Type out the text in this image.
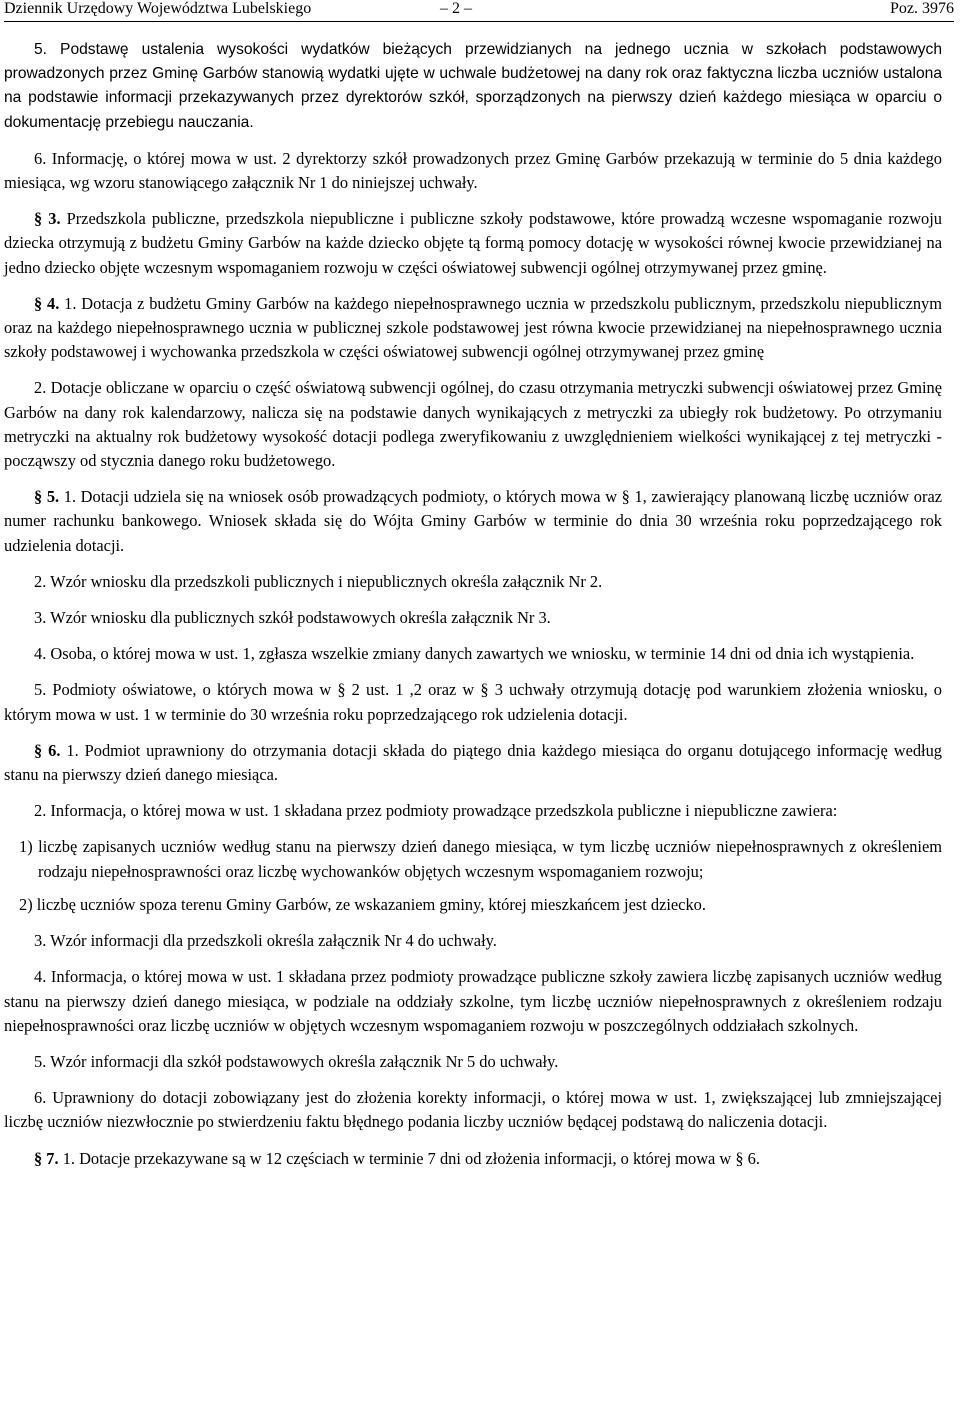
Dziennik Urzędowy Województwa Lubelskiego	– 2 –	Poz. 3976

5. Podstawę ustalenia wysokości wydatków bieżących przewidzianych na jednego ucznia w szkołach podstawowych prowadzonych przez Gminę Garbów stanowią wydatki ujęte w uchwale budżetowej na dany rok oraz faktyczna liczba uczniów ustalona na podstawie informacji przekazywanych przez dyrektorów szkół, sporządzonych na pierwszy dzień każdego miesiąca w oparciu o dokumentację przebiegu nauczania.

6. Informację, o której mowa w ust. 2 dyrektorzy szkół prowadzonych przez Gminę Garbów przekazują w terminie do 5 dnia każdego miesiąca, wg wzoru stanowiącego załącznik Nr 1 do niniejszej uchwały.

§ 3. Przedszkola publiczne, przedszkola niepubliczne i publiczne szkoły podstawowe, które prowadzą wczesne wspomaganie rozwoju dziecka otrzymują z budżetu Gminy Garbów na każde dziecko objęte tą formą pomocy dotację w wysokości równej kwocie przewidzianej na jedno dziecko objęte wczesnym wspomaganiem rozwoju w części oświatowej subwencji ogólnej otrzymywanej przez gminę.

§ 4. 1. Dotacja z budżetu Gminy Garbów na każdego niepełnosprawnego ucznia w przedszkolu publicznym, przedszkolu niepublicznym oraz na każdego niepełnosprawnego ucznia w publicznej szkole podstawowej jest równa kwocie przewidzianej na niepełnosprawnego ucznia szkoły podstawowej i wychowanka przedszkola w części oświatowej subwencji ogólnej otrzymywanej przez gminę

2. Dotacje obliczane w oparciu o część oświatową subwencji ogólnej, do czasu otrzymania metryczki subwencji oświatowej przez Gminę Garbów na dany rok kalendarzowy, nalicza się na podstawie danych wynikających z metryczki za ubiegły rok budżetowy. Po otrzymaniu metryczki na aktualny rok budżetowy wysokość dotacji podlega zweryfikowaniu z uwzględnieniem wielkości wynikającej z tej metryczki - począwszy od stycznia danego roku budżetowego.

§ 5. 1. Dotacji udziela się na wniosek osób prowadzących podmioty, o których mowa w § 1, zawierający planowaną liczbę uczniów oraz numer rachunku bankowego. Wniosek składa się do Wójta Gminy Garbów w terminie do dnia 30 września roku poprzedzającego rok udzielenia dotacji.

2. Wzór wniosku dla przedszkoli publicznych i niepublicznych określa załącznik Nr 2.

3. Wzór wniosku dla publicznych szkół podstawowych określa załącznik Nr 3.

4. Osoba, o której mowa w ust. 1, zgłasza wszelkie zmiany danych zawartych we wniosku, w terminie 14 dni od dnia ich wystąpienia.

5. Podmioty oświatowe, o których mowa w § 2 ust. 1 ,2 oraz w § 3 uchwały otrzymują dotację pod warunkiem złożenia wniosku, o którym mowa w ust. 1 w terminie do 30 września roku poprzedzającego rok udzielenia dotacji.

§ 6. 1. Podmiot uprawniony do otrzymania dotacji składa do piątego dnia każdego miesiąca do organu dotującego informację według stanu na pierwszy dzień danego miesiąca.

2. Informacja, o której mowa w ust. 1 składana przez podmioty prowadzące przedszkola publiczne i niepubliczne zawiera:

1) liczbę zapisanych uczniów według stanu na pierwszy dzień danego miesiąca, w tym liczbę uczniów niepełnosprawnych z określeniem rodzaju niepełnosprawności oraz liczbę wychowanków objętych wczesnym wspomaganiem rozwoju;

2) liczbę uczniów spoza terenu Gminy Garbów, ze wskazaniem gminy, której mieszkańcem jest dziecko.

3. Wzór informacji dla przedszkoli określa załącznik Nr 4 do uchwały.

4. Informacja, o której mowa w ust. 1 składana przez podmioty prowadzące publiczne szkoły zawiera liczbę zapisanych uczniów według stanu na pierwszy dzień danego miesiąca, w podziale na oddziały szkolne, tym liczbę uczniów niepełnosprawnych z określeniem rodzaju niepełnosprawności oraz liczbę uczniów w objętych wczesnym wspomaganiem rozwoju w poszczególnych oddziałach szkolnych.

5. Wzór informacji dla szkół podstawowych określa załącznik Nr 5 do uchwały.

6. Uprawniony do dotacji zobowiązany jest do złożenia korekty informacji, o której mowa w ust. 1, zwiększającej lub zmniejszającej liczbę uczniów niezwłocznie po stwierdzeniu faktu błędnego podania liczby uczniów będącej podstawą do naliczenia dotacji.

§ 7. 1. Dotacje przekazywane są w 12 częściach w terminie 7 dni od złożenia informacji, o której mowa w § 6.
